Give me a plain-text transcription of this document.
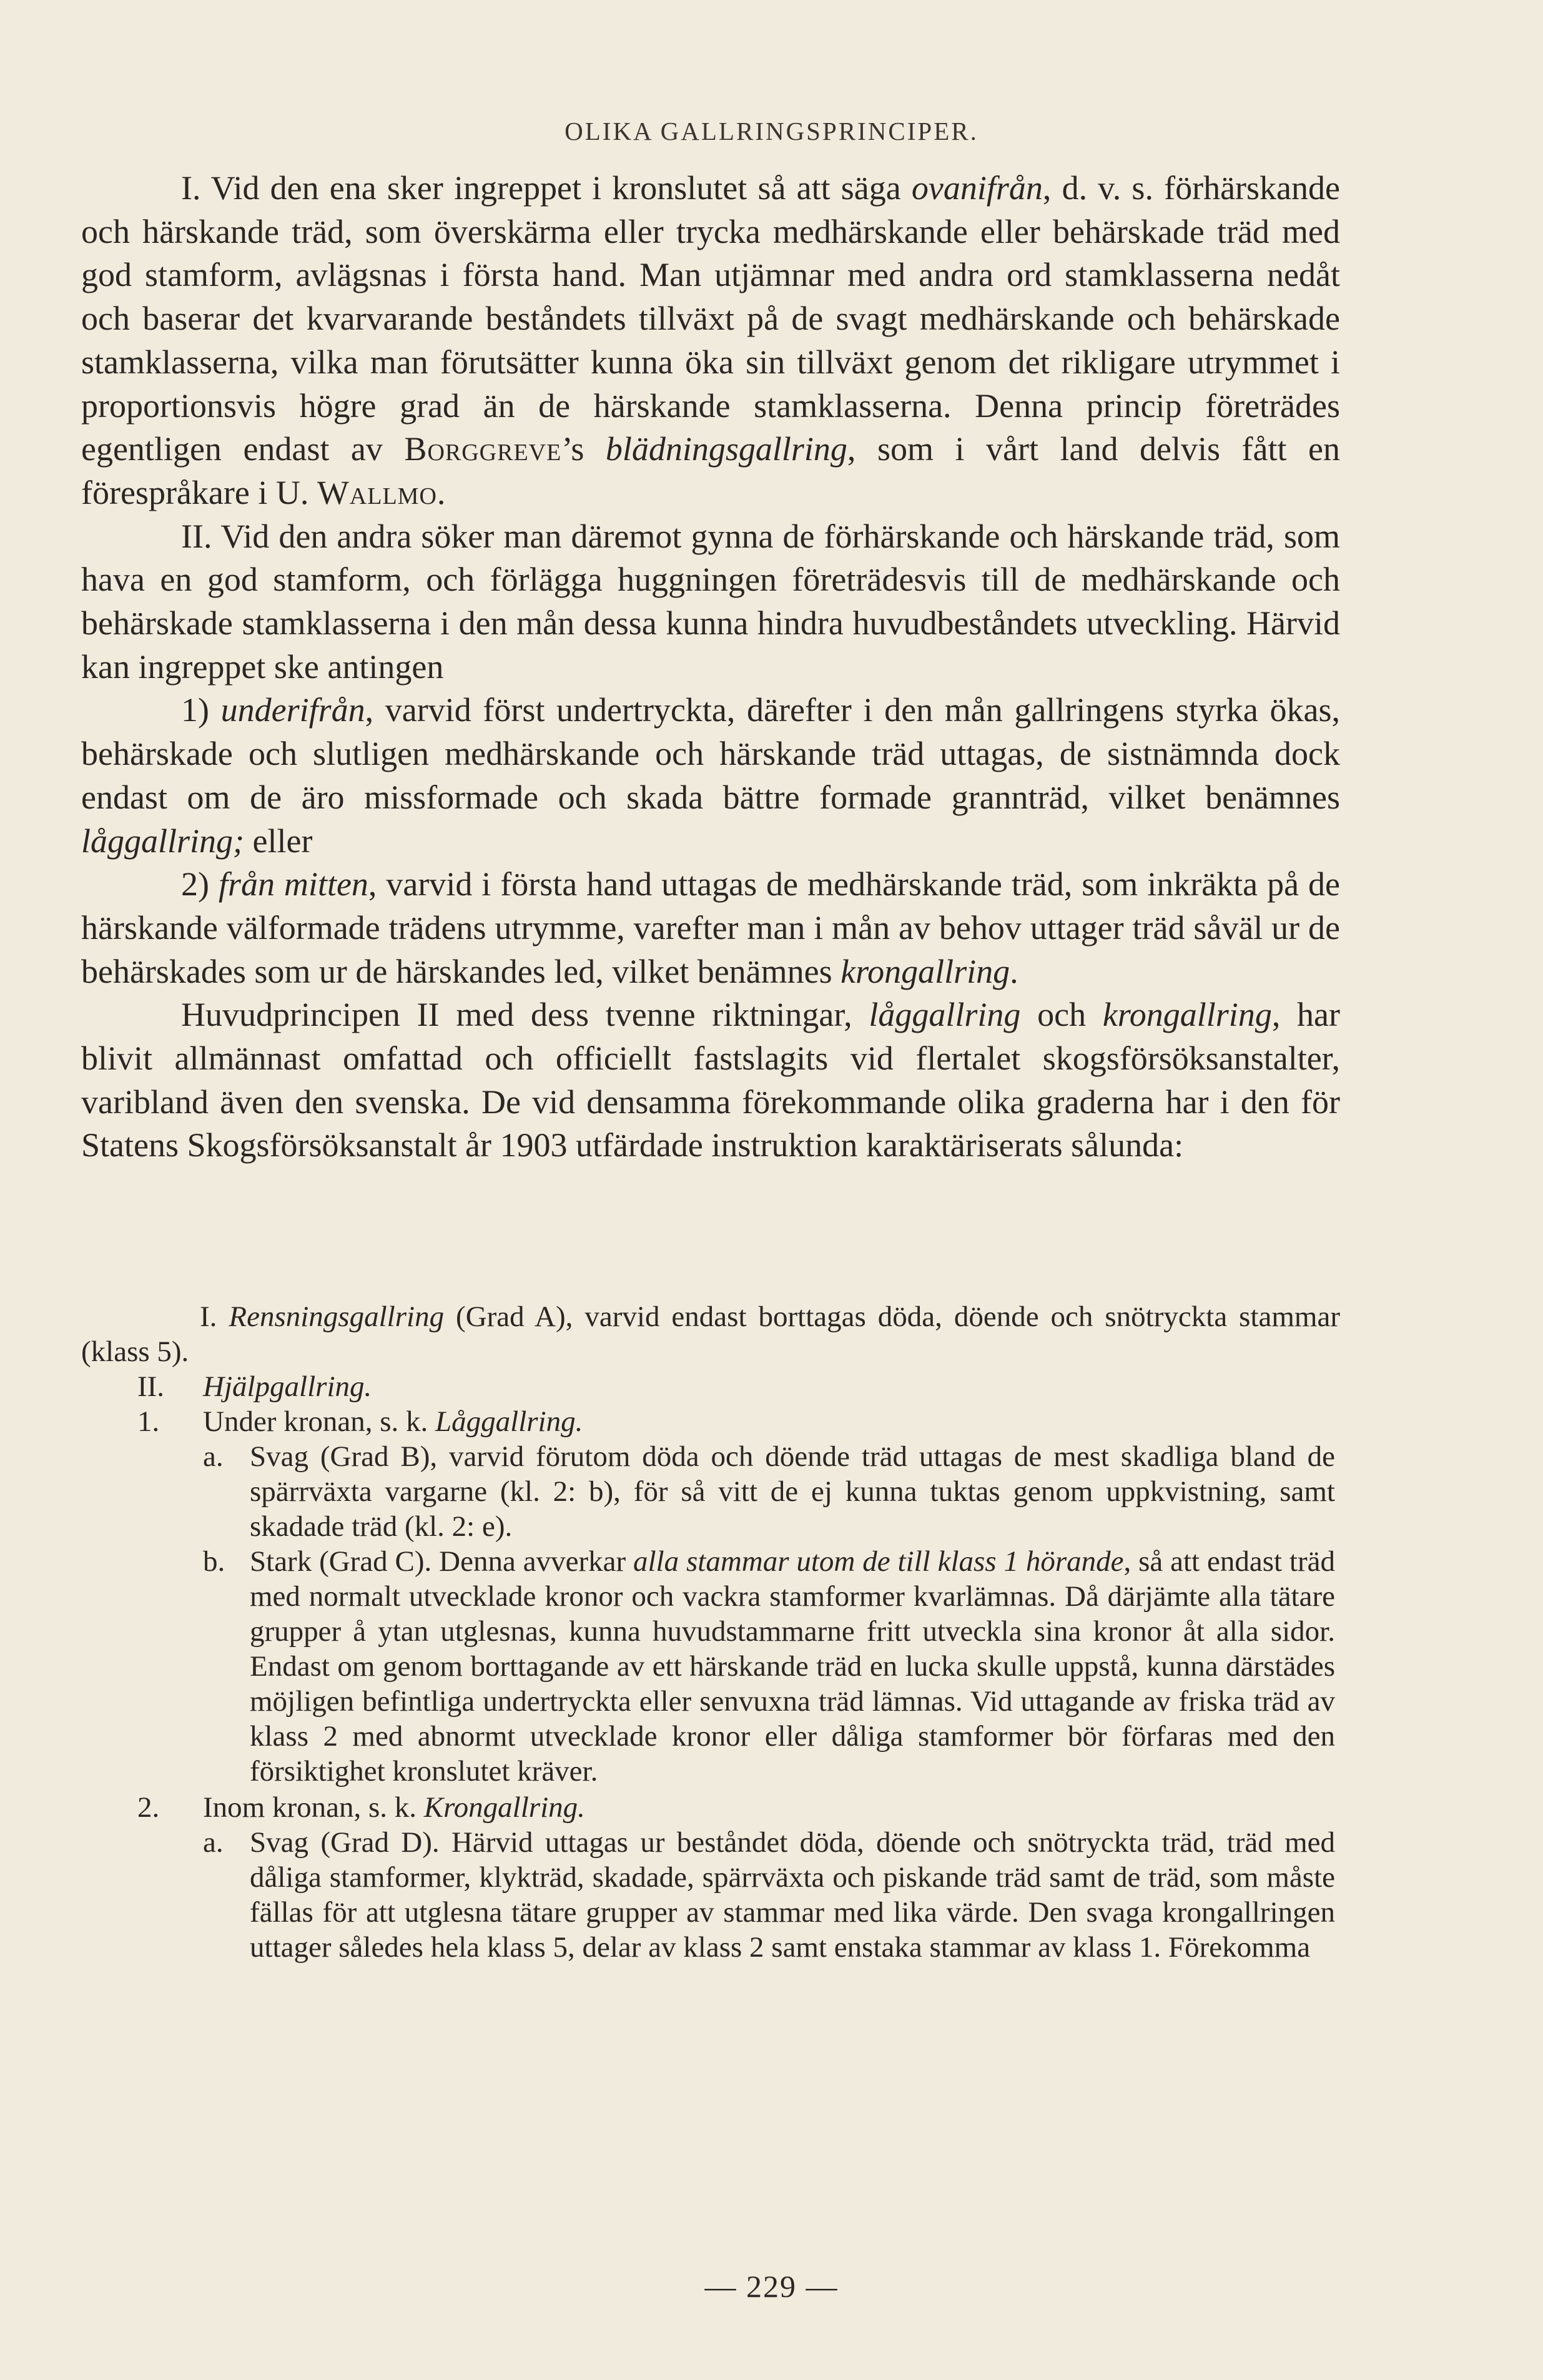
OLIKA GALLRINGSPRINCIPER.

I. Vid den ena sker ingreppet i kronslutet så att säga ovanifrån, d. v. s. förhärskande och härskande träd, som överskärma eller trycka medhärskande eller behärskade träd med god stamform, avlägsnas i första hand. Man utjämnar med andra ord stamklasserna nedåt och baserar det kvarvarande beståndets tillväxt på de svagt medhärskande och behärskade stamklasserna, vilka man förutsätter kunna öka sin tillväxt genom det rikligare utrymmet i proportionsvis högre grad än de härskande stamklasserna. Denna princip företrädes egentligen endast av Borggreve’s blädningsgallring, som i vårt land delvis fått en förespråkare i U. Wallmo.

II. Vid den andra söker man däremot gynna de förhärskande och härskande träd, som hava en god stamform, och förlägga huggningen företrädesvis till de medhärskande och behärskade stamklasserna i den mån dessa kunna hindra huvudbeståndets utveckling. Härvid kan ingreppet ske antingen

1) underifrån, varvid först undertryckta, därefter i den mån gallringens styrka ökas, behärskade och slutligen medhärskande och härskande träd uttagas, de sistnämnda dock endast om de äro missformade och skada bättre formade grannträd, vilket benämnes låggallring; eller

2) från mitten, varvid i första hand uttagas de medhärskande träd, som inkräkta på de härskande välformade trädens utrymme, varefter man i mån av behov uttager träd såväl ur de behärskades som ur de härskandes led, vilket benämnes krongallring.

Huvudprincipen II med dess tvenne riktningar, låggallring och krongallring, har blivit allmännast omfattad och officiellt fastslagits vid flertalet skogsförsöksanstalter, varibland även den svenska. De vid densamma förekommande olika graderna har i den för Statens Skogsförsöksanstalt år 1903 utfärdade instruktion karaktäriserats sålunda:

I. Rensningsgallring (Grad A), varvid endast borttagas döda, döende och snötryckta stammar (klass 5).

II.	Hjälpgallring.
1.	Under kronan, s. k. Låggallring.
a. Svag (Grad B), varvid förutom döda och döende träd uttagas de mest skadliga bland de spärrväxta vargarne (kl. 2: b), för så vitt de ej kunna tuktas genom uppkvistning, samt skadade träd (kl. 2: e).
b. Stark (Grad C). Denna avverkar alla stammar utom de till klass 1 hörande, så att endast träd med normalt utvecklade kronor och vackra stamformer kvarlämnas. Då därjämte alla tätare grupper å ytan utglesnas, kunna huvudstammarne fritt utveckla sina kronor åt alla sidor. Endast om genom borttagande av ett härskande träd en lucka skulle uppstå, kunna därstädes möjligen befintliga undertryckta eller senvuxna träd lämnas. Vid uttagande av friska träd av klass 2 med abnormt utvecklade kronor eller dåliga stamformer bör förfaras med den försiktighet kronslutet kräver.
2.	Inom kronan, s. k. Krongallring.
a. Svag (Grad D). Härvid uttagas ur beståndet döda, döende och snötryckta träd, träd med dåliga stamformer, klykträd, skadade, spärrväxta och piskande träd samt de träd, som måste fällas för att utglesna tätare grupper av stammar med lika värde. Den svaga krongallringen uttager således hela klass 5, delar av klass 2 samt enstaka stammar av klass 1. Förekomma
— 229 —
